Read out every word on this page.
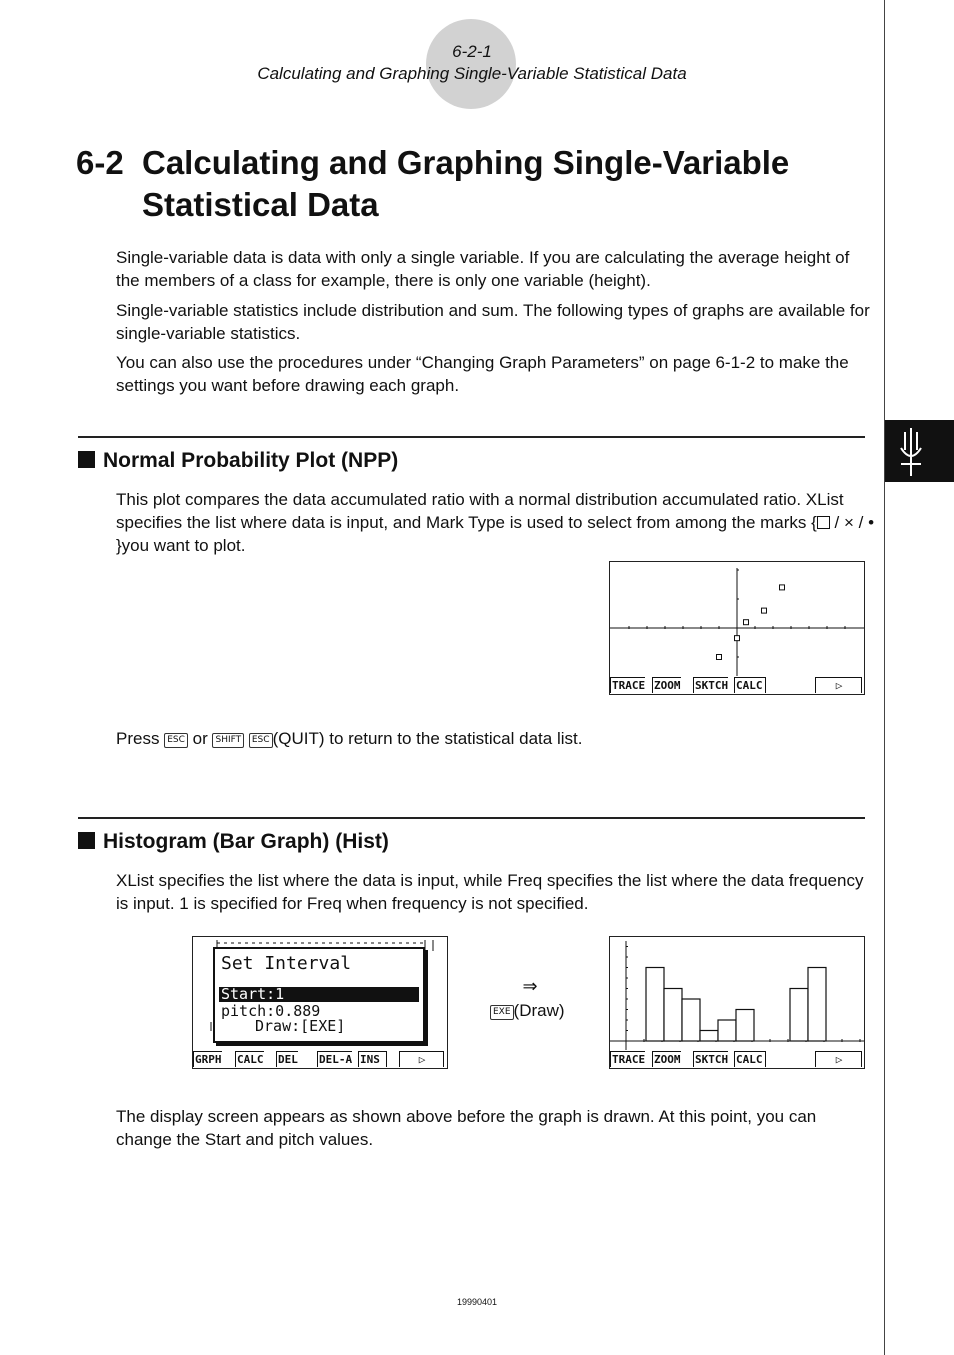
6-2-1
Calculating and Graphing Single-Variable Statistical Data
6-2 Calculating and Graphing Single-Variable
Statistical Data
Single-variable data is data with only a single variable. If you are calculating the average height of the members of a class for example, there is only one variable (height).
Single-variable statistics include distribution and sum. The following types of graphs are available for single-variable statistics.
You can also use the procedures under “Changing Graph Parameters” on page 6-1-2 to make the settings you want before drawing each graph.
Normal Probability Plot (NPP)
This plot compares the data accumulated ratio with a normal distribution accumulated ratio. XList specifies the list where data is input, and Mark Type is used to select from among the marks { / × / • }you want to plot.
TRACE ZOOM SKTCH CALC	▷
Press ESC or SHIFT ESC (QUIT) to return to the statistical data list.
Histogram (Bar Graph) (Hist)
XList specifies the list where the data is input, while Freq specifies the list where the data frequency is input. 1 is specified for Freq when frequency is not specified.
Set Interval
Start:1
pitch:0.889
Draw:[EXE]
GRPH CALC DEL DEL-A INS	▷
⇒
EXE (Draw)
TRACE ZOOM SKTCH CALC	▷
The display screen appears as shown above before the graph is drawn. At this point, you can change the Start and pitch values.
19990401
